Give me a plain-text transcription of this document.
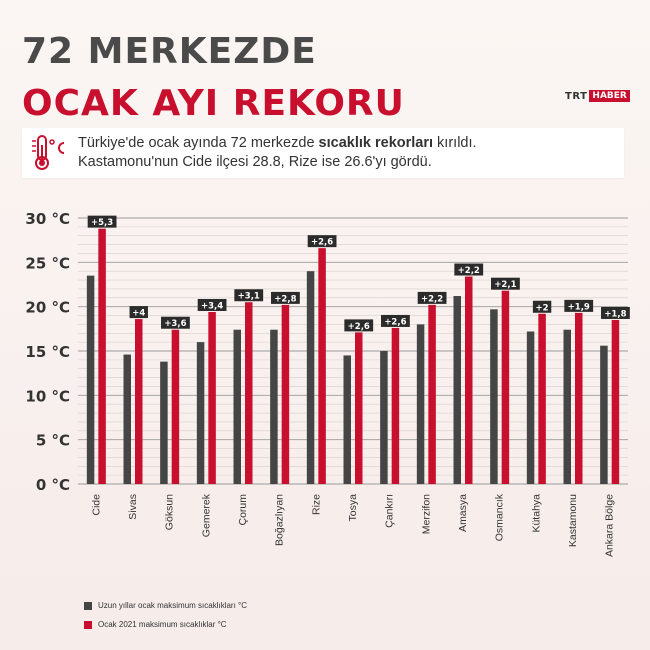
72 MERKEZDE
OCAK AYI REKORU	TRT HABER

Türkiye'de ocak ayında 72 merkezde sıcaklık rekorları kırıldı.
Kastamonu'nun Cide ilçesi 28.8, Rize ise 26.6'yı gördü.

0 °C
5 °C
10 °C
15 °C
20 °C
25 °C
30 °C +5,3
Cide
+4
Sivas
+3,6
Göksun
+3,4
Gemerek
+3,1
Çorum
+2,8
Boğazlıyan
+2,6
Rize
+2,6
Tosya
+2,6
Çankırı
+2,2
Merzifon
+2,2
Amasya
+2,1
Osmancık
+2
Kütahya
+1,9
Kastamonu
+1,8
Ankara Bölge
Uzun yıllar ocak maksimum sıcaklıkları °C
Ocak 2021 maksimum sıcaklıklar °C
